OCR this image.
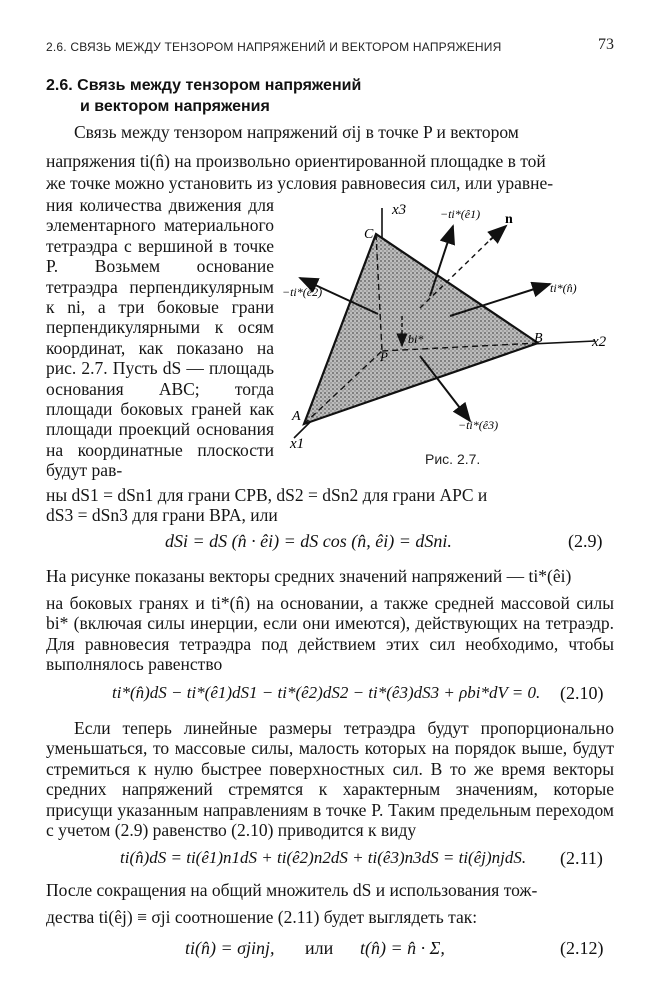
2.6. СВЯЗЬ МЕЖДУ ТЕНЗОРОМ НАПРЯЖЕНИЙ И ВЕКТОРОМ НАПРЯЖЕНИЯ	73
2.6. Связь между тензором напряжений
и вектором напряжения
Связь между тензором напряжений σij в точке P и вектором
напряжения ti(n̂) на произвольно ориентированной площадке в той
же точке можно установить из условия равновесия сил, или уравне-
ния количества движения для элементарного материального тетраэдра с вершиной в точке P. Возьмем основание тетраэдра перпендикулярным к ni, а три боковые грани перпендикулярными к осям координат, как показано на рис. 2.7. Пусть dS — площадь основания ABC; тогда площади боковых граней как площади проекций основания на координатные плоскости будут рав-
x3
x2
x1
C
B
A
P
n
−ti*(ê1)
ti*(n̂)
−ti*(ê2)
−ti*(ê3)
bi*
Рис. 2.7.
ны dS1 = dSn1 для грани CPB, dS2 = dSn2 для грани APC и
dS3 = dSn3 для грани BPA, или
dSi = dS (n̂ · êi) = dS cos (n̂, êi) = dSni.	(2.9)
На рисунке показаны векторы средних значений напряжений — ti*(êi)
на боковых гранях и ti*(n̂) на основании, а также средней массовой силы bi* (включая силы инерции, если они имеются), действующих на тетраэдр. Для равновесия тетраэдра под действием этих сил необходимо, чтобы выполнялось равенство
ti*(n̂)dS − ti*(ê1)dS1 − ti*(ê2)dS2 − ti*(ê3)dS3 + ρbi*dV = 0. (2.10)
Если теперь линейные размеры тетраэдра будут пропорционально уменьшаться, то массовые силы, малость которых на порядок выше, будут стремиться к нулю быстрее поверхностных сил. В то же время векторы средних напряжений стремятся к характерным значениям, которые присущи указанным направлениям в точке P. Таким предельным переходом с учетом (2.9) равенство (2.10) приводится к виду
ti(n̂)dS = ti(ê1)n1dS + ti(ê2)n2dS + ti(ê3)n3dS = ti(êj)njdS. (2.11)
После сокращения на общий множитель dS и использования тож-
дества ti(êj) ≡ σji соотношение (2.11) будет выглядеть так:
ti(n̂) = σjinj, или t(n̂) = n̂ · Σ,	(2.12)
